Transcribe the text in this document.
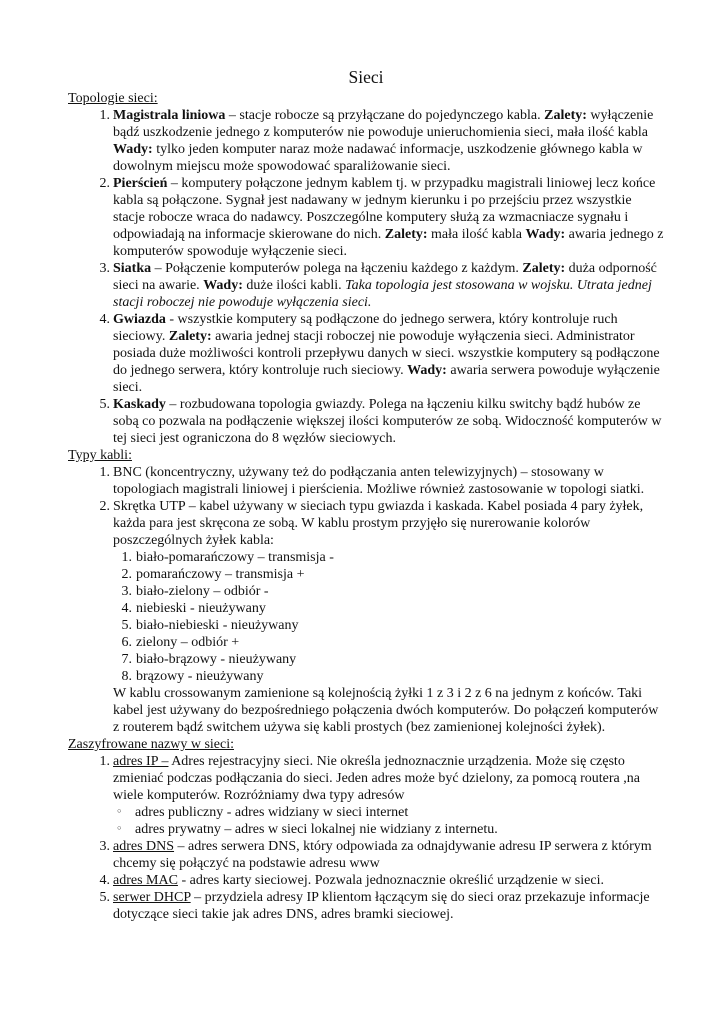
Sieci
Topologie sieci:
1. Magistrala liniowa – stacje robocze są przyłączane do pojedynczego kabla. Zalety: wyłączenie bądź uszkodzenie jednego z komputerów nie powoduje unieruchomienia sieci, mała ilość kabla Wady: tylko jeden komputer naraz może nadawać informacje, uszkodzenie głównego kabla w dowolnym miejscu może spowodować sparaliżowanie sieci.
2. Pierścień – komputery połączone jednym kablem tj. w przypadku magistrali liniowej lecz końce kabla są połączone. Sygnał jest nadawany w jednym kierunku i po przejściu przez wszystkie stacje robocze wraca do nadawcy. Poszczególne komputery służą za wzmacniacze sygnału i odpowiadają na informacje skierowane do nich. Zalety: mała ilość kabla Wady: awaria jednego z komputerów spowoduje wyłączenie sieci.
3. Siatka – Połączenie komputerów polega na łączeniu każdego z każdym. Zalety: duża odporność sieci na awarie. Wady: duże ilości kabli. Taka topologia jest stosowana w wojsku. Utrata jednej stacji roboczej nie powoduje wyłączenia sieci.
4. Gwiazda - wszystkie komputery są podłączone do jednego serwera, który kontroluje ruch sieciowy. Zalety: awaria jednej stacji roboczej nie powoduje wyłączenia sieci. Administrator posiada duże możliwości kontroli przepływu danych w sieci. wszystkie komputery są podłączone do jednego serwera, który kontroluje ruch sieciowy. Wady: awaria serwera powoduje wyłączenie sieci.
5. Kaskady – rozbudowana topologia gwiazdy. Polega na łączeniu kilku switchy bądź hubów ze sobą co pozwala na podłączenie większej ilości komputerów ze sobą. Widoczność komputerów w tej sieci jest ograniczona do 8 węzłów sieciowych.
Typy kabli:
1. BNC (koncentryczny, używany też do podłączania anten telewizyjnych) – stosowany w topologiach magistrali liniowej i pierścienia. Możliwe również zastosowanie w topologi siatki.
2. Skrętka UTP – kabel używany w sieciach typu gwiazda i kaskada. Kabel posiada 4 pary żyłek, każda para jest skręcona ze sobą. W kablu prostym przyjęło się nurerowanie kolorów poszczególnych żyłek kabla:
1. biało-pomarańczowy – transmisja -
2. pomarańczowy – transmisja +
3. biało-zielony – odbiór -
4. niebieski - nieużywany
5. biało-niebieski - nieużywany
6. zielony – odbiór +
7. biało-brązowy - nieużywany
8. brązowy - nieużywany
W kablu crossowanym zamienione są kolejnością żyłki 1 z 3 i 2 z 6 na jednym z końców. Taki kabel jest używany do bezpośredniego połączenia dwóch komputerów. Do połączeń komputerów z routerem bądź switchem używa się kabli prostych (bez zamienionej kolejności żyłek).
Zaszyfrowane nazwy w sieci:
1. adres IP – Adres rejestracyjny sieci. Nie określa jednoznacznie urządzenia. Może się często zmieniać podczas podłączania do sieci. Jeden adres może być dzielony, za pomocą routera ,na wiele komputerów. Rozróżniamy dwa typy adresów
◦ adres publiczny - adres widziany w sieci internet
◦ adres prywatny – adres w sieci lokalnej nie widziany z internetu.
3. adres DNS – adres serwera DNS, który odpowiada za odnajdywanie adresu IP serwera z którym chcemy się połączyć na podstawie adresu www
4. adres MAC - adres karty sieciowej. Pozwala jednoznacznie określić urządzenie w sieci.
5. serwer DHCP – przydziela adresy IP klientom łączącym się do sieci oraz przekazuje informacje dotyczące sieci takie jak adres DNS, adres bramki sieciowej.
